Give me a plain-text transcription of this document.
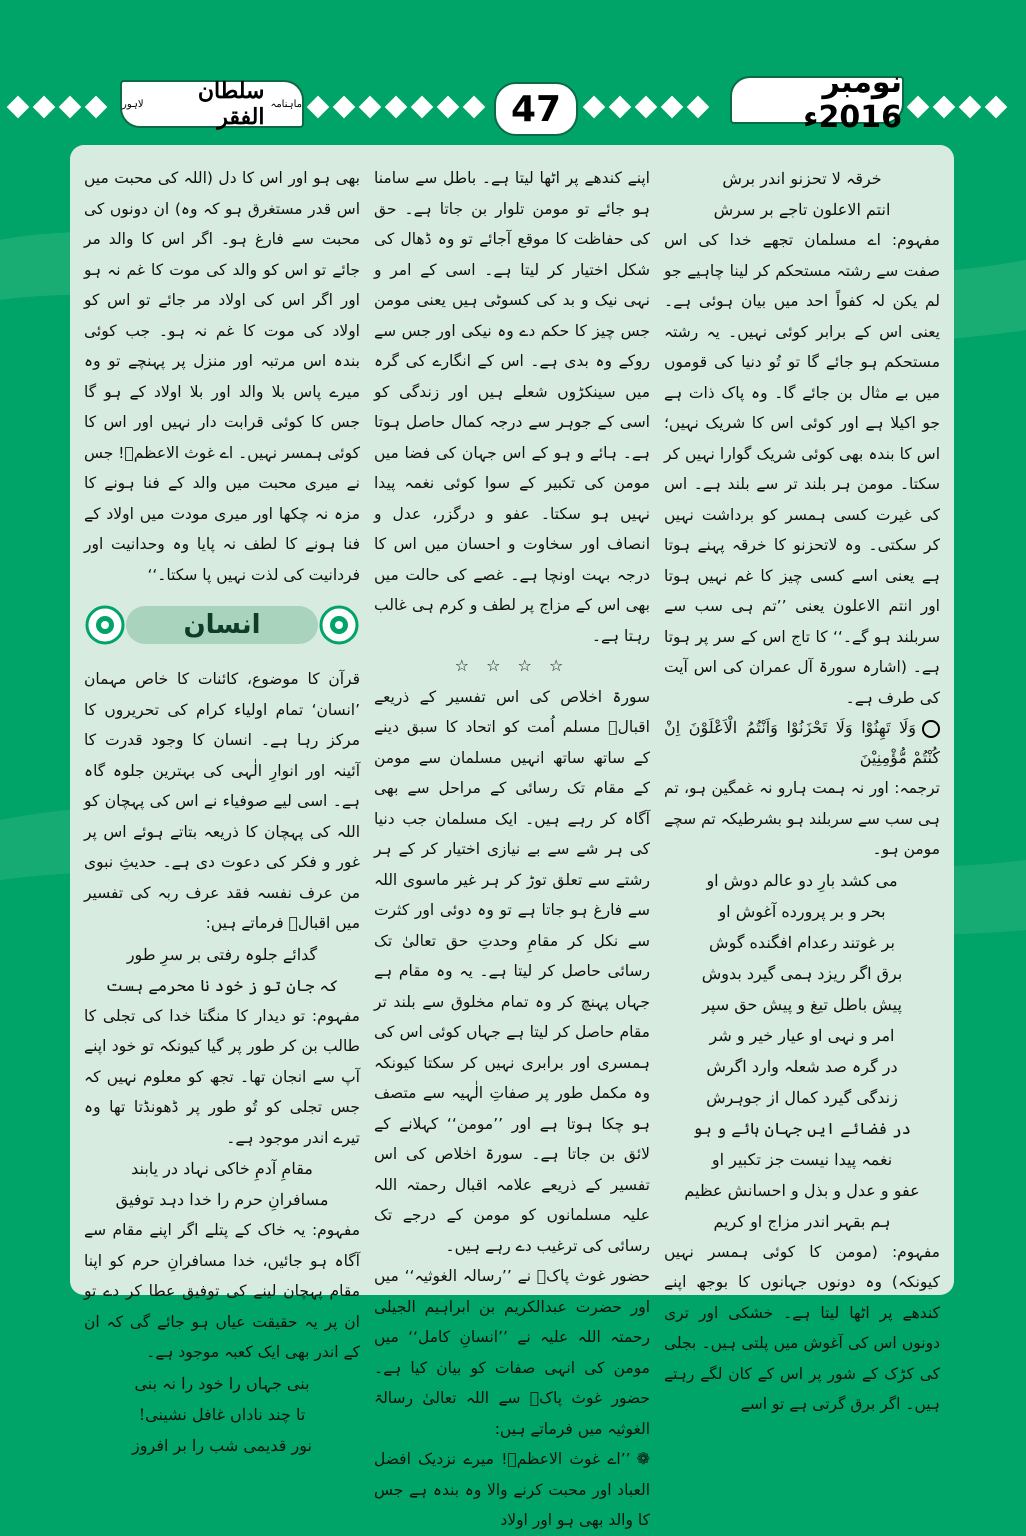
ماہنامہ
سلطان الفقر
لاہور	47
نومبر 2016ء

خرقہ لا تحزنو اندر برش

انتم الاعلون تاجے بر سرش

مفہوم: اے مسلمان تجھے خدا کی اس صفت سے رشتہ مستحکم کر لینا چاہیے جو لم یکن لہ کفواً احد میں بیان ہوئی ہے۔ یعنی اس کے برابر کوئی نہیں۔ یہ رشتہ مستحکم ہو جائے گا تو تُو دنیا کی قوموں میں بے مثال بن جائے گا۔ وہ پاک ذات ہے جو اکیلا ہے اور کوئی اس کا شریک نہیں؛ اس کا بندہ بھی کوئی شریک گوارا نہیں کر سکتا۔ مومن ہر بلند تر سے بلند ہے۔ اس کی غیرت کسی ہمسر کو برداشت نہیں کر سکتی۔ وہ لاتحزنو کا خرقہ پہنے ہوتا ہے یعنی اسے کسی چیز کا غم نہیں ہوتا اور انتم الاعلون یعنی ’’تم ہی سب سے سربلند ہو گے۔‘‘ کا تاج اس کے سر پر ہوتا ہے۔ (اشارہ سورۃ آل عمران کی اس آیت کی طرف ہے۔

وَلَا تَهِنُوْا وَلَا تَحْزَنُوْا وَاَنْتُمُ الْاَعْلَوْنَ اِنْ كُنْتُمْ مُّؤْمِنِيْنَ

ترجمہ: اور نہ ہمت ہارو نہ غمگین ہو، تم ہی سب سے سربلند ہو بشرطیکہ تم سچے مومن ہو۔

مى كشد بارِ دو عالم دوش او

بحر و بر پرورده آغوش او

بر غوتند رعدام افگنده گوش

برق اگر ریزد ہمی گیرد بدوش

پیش باطل تیغ و پیش حق سپر

امر و نہی او عیار خیر و شر

در گرہ صد شعلہ وارد اگرش

زندگی گیرد کمال از جوہرش

در فضائے ایں جہان ہائے و ہو

نغمہ پیدا نیست جز تکبیر او

عفو و عدل و بذل و احسانش عظیم

ہم بقہر اندر مزاج او کریم

مفہوم: (مومن کا کوئی ہمسر نہیں کیونکہ) وہ دونوں جہانوں کا بوجھ اپنے کندھے پر اٹھا لیتا ہے۔ خشکی اور تری دونوں اس کی آغوش میں پلتی ہیں۔ بجلی کی کڑک کے شور پر اس کے کان لگے رہتے ہیں۔ اگر برق گرتی ہے تو اسے

اپنے کندھے پر اٹھا لیتا ہے۔ باطل سے سامنا ہو جائے تو مومن تلوار بن جاتا ہے۔ حق کی حفاظت کا موقع آجائے تو وہ ڈھال کی شکل اختیار کر لیتا ہے۔ اسی کے امر و نہی نیک و بد کی کسوٹی ہیں یعنی مومن جس چیز کا حکم دے وہ نیکی اور جس سے روکے وہ بدی ہے۔ اس کے انگارے کی گرہ میں سینکڑوں شعلے ہیں اور زندگی کو اسی کے جوہر سے درجہ کمال حاصل ہوتا ہے۔ ہائے و ہو کے اس جہان کی فضا میں مومن کی تکبیر کے سوا کوئی نغمہ پیدا نہیں ہو سکتا۔ عفو و درگزر، عدل و انصاف اور سخاوت و احسان میں اس کا درجہ بہت اونچا ہے۔ غصے کی حالت میں بھی اس کے مزاج پر لطف و کرم ہی غالب رہتا ہے۔

☆ ☆ ☆ ☆

سورۃ اخلاص کی اس تفسیر کے ذریعے اقبالؒ مسلم اُمت کو اتحاد کا سبق دینے کے ساتھ ساتھ انہیں مسلمان سے مومن کے مقام تک رسائی کے مراحل سے بھی آگاہ کر رہے ہیں۔ ایک مسلمان جب دنیا کی ہر شے سے بے نیازی اختیار کر کے ہر رشتے سے تعلق توڑ کر ہر غیر ماسوی اللہ سے فارغ ہو جاتا ہے تو وہ دوئی اور کثرت سے نکل کر مقامِ وحدتِ حق تعالیٰ تک رسائی حاصل کر لیتا ہے۔ یہ وہ مقام ہے جہاں پہنچ کر وہ تمام مخلوق سے بلند تر مقام حاصل کر لیتا ہے جہاں کوئی اس کی ہمسری اور برابری نہیں کر سکتا کیونکہ وہ مکمل طور پر صفاتِ الٰہیہ سے متصف ہو چکا ہوتا ہے اور ’’مومن‘‘ کہلانے کے لائق بن جاتا ہے۔ سورۃ اخلاص کی اس تفسیر کے ذریعے علامہ اقبال رحمتہ اللہ علیہ مسلمانوں کو مومن کے درجے تک رسائی کی ترغیب دے رہے ہیں۔

حضور غوث پاکؓ نے ’’رسالہ الغوثیہ‘‘ میں اور حضرت عبدالکریم بن ابراہیم الجیلی رحمتہ اللہ علیہ نے ’’انسانِ کامل‘‘ میں مومن کی انہی صفات کو بیان کیا ہے۔ حضور غوث پاکؓ سے اللہ تعالیٰ رسالۃ الغوثیہ میں فرماتے ہیں:

❁’’اے غوث الاعظمؓ! میرے نزدیک افضل العباد اور محبت کرنے والا وہ بندہ ہے جس کا والد بھی ہو اور اولاد

بھی ہو اور اس کا دل (اللہ کی محبت میں اس قدر مستغرق ہو کہ وہ) ان دونوں کی محبت سے فارغ ہو۔ اگر اس کا والد مر جائے تو اس کو والد کی موت کا غم نہ ہو اور اگر اس کی اولاد مر جائے تو اس کو اولاد کی موت کا غم نہ ہو۔ جب کوئی بندہ اس مرتبہ اور منزل پر پہنچے تو وہ میرے پاس بلا والد اور بلا اولاد کے ہو گا جس کا کوئی قرابت دار نہیں اور اس کا کوئی ہمسر نہیں۔ اے غوث الاعظمؓ! جس نے میری محبت میں والد کے فنا ہونے کا مزہ نہ چکھا اور میری مودت میں اولاد کے فنا ہونے کا لطف نہ پایا وہ وحدانیت اور فردانیت کی لذت نہیں پا سکتا۔‘‘

انسان

قرآن کا موضوع، کائنات کا خاص مہمان ’انسان‘ تمام اولیاء کرام کی تحریروں کا مرکز رہا ہے۔ انسان کا وجود قدرت کا آئینہ اور انوارِ الٰہی کی بہترین جلوہ گاہ ہے۔ اسی لیے صوفیاء نے اس کی پہچان کو اللہ کی پہچان کا ذریعہ بتاتے ہوئے اس پر غور و فکر کی دعوت دی ہے۔ حدیثِ نبوی من عرف نفسہ فقد عرف ربہ کی تفسیر میں اقبالؒ فرماتے ہیں:

گدائے جلوہ رفتی بر سرِ طور

کہ جان تو ز خود نا محرمے ہست

مفہوم: تو دیدار کا منگتا خدا کی تجلی کا طالب بن کر طور پر گیا کیونکہ تو خود اپنے آپ سے انجان تھا۔ تجھ کو معلوم نہیں کہ جس تجلی کو تُو طور پر ڈھونڈتا تھا وہ تیرے اندر موجود ہے۔

مقامِ آدمِ خاکی نہاد در یابند

مسافرانِ حرم را خدا دہد توفیق

مفہوم: یہ خاک کے پتلے اگر اپنے مقام سے آگاہ ہو جائیں، خدا مسافرانِ حرم کو اپنا مقام پہچان لینے کی توفیق عطا کر دے تو ان پر یہ حقیقت عیاں ہو جائے گی کہ ان کے اندر بھی ایک کعبہ موجود ہے۔

بنی جہاں را خود را نہ بنی

تا چند ناداں غافل نشینی!

نور قدیمی شب را بر افروز
